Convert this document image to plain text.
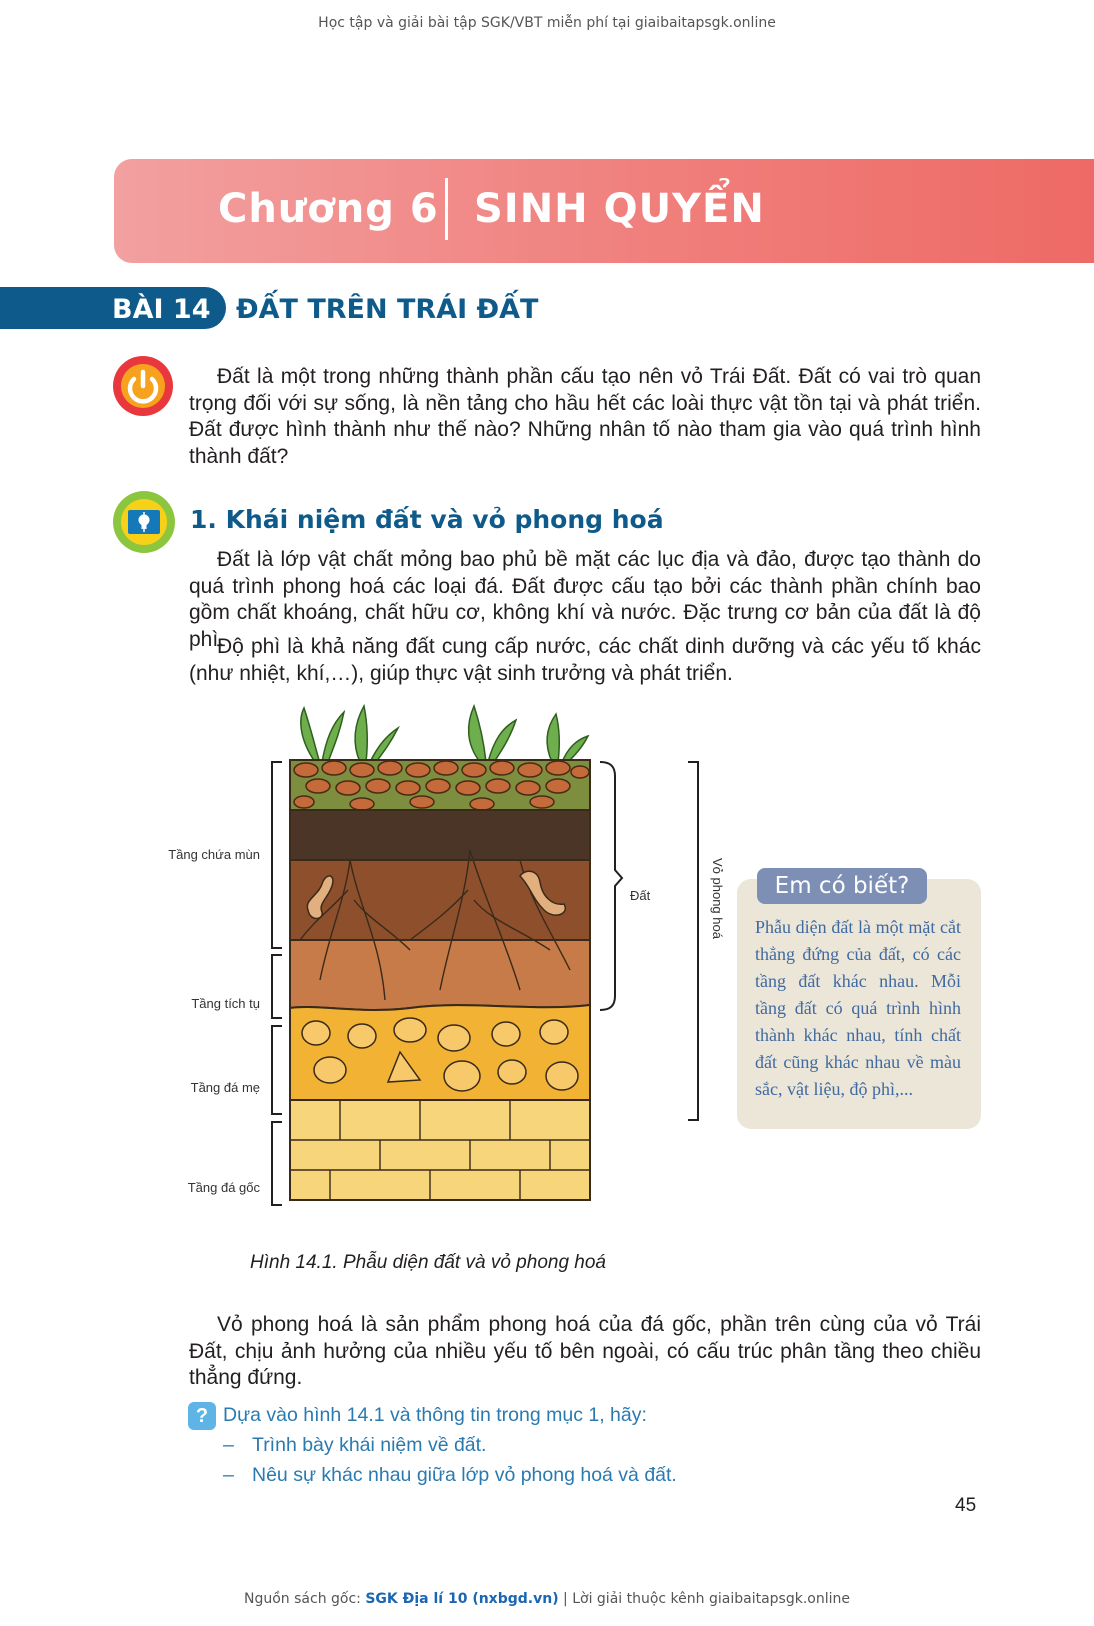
Học tập và giải bài tập SGK/VBT miễn phí tại giaibaitapsgk.online
Chương 6 SINH QUYỂN
BÀI 14 ĐẤT TRÊN TRÁI ĐẤT
Đất là một trong những thành phần cấu tạo nên vỏ Trái Đất. Đất có vai trò quan trọng đối với sự sống, là nền tảng cho hầu hết các loài thực vật tồn tại và phát triển. Đất được hình thành như thế nào? Những nhân tố nào tham gia vào quá trình hình thành đất?
1. Khái niệm đất và vỏ phong hoá
Đất là lớp vật chất mỏng bao phủ bề mặt các lục địa và đảo, được tạo thành do quá trình phong hoá các loại đá. Đất được cấu tạo bởi các thành phần chính bao gồm chất khoáng, chất hữu cơ, không khí và nước. Đặc trưng cơ bản của đất là độ phì.
Độ phì là khả năng đất cung cấp nước, các chất dinh dưỡng và các yếu tố khác (như nhiệt, khí,…), giúp thực vật sinh trưởng và phát triển.
Tầng chứa mùn
Tầng tích tụ
Tầng đá mẹ
Tầng đá gốc
Đất	Vỏ phong hoá	Em có biết?
Phẫu diện đất là một mặt cắt thẳng đứng của đất, có các tầng đất khác nhau. Mỗi tầng đất có quá trình hình thành khác nhau, tính chất đất cũng khác nhau về màu sắc, vật liệu, độ phì,...
Hình 14.1. Phẫu diện đất và vỏ phong hoá
Vỏ phong hoá là sản phẩm phong hoá của đá gốc, phần trên cùng của vỏ Trái Đất, chịu ảnh hưởng của nhiều yếu tố bên ngoài, có cấu trúc phân tầng theo chiều thẳng đứng.
? Dựa vào hình 14.1 và thông tin trong mục 1, hãy:
– Trình bày khái niệm về đất.
– Nêu sự khác nhau giữa lớp vỏ phong hoá và đất.
45
Nguồn sách gốc: SGK Địa lí 10 (nxbgd.vn) | Lời giải thuộc kênh giaibaitapsgk.online
